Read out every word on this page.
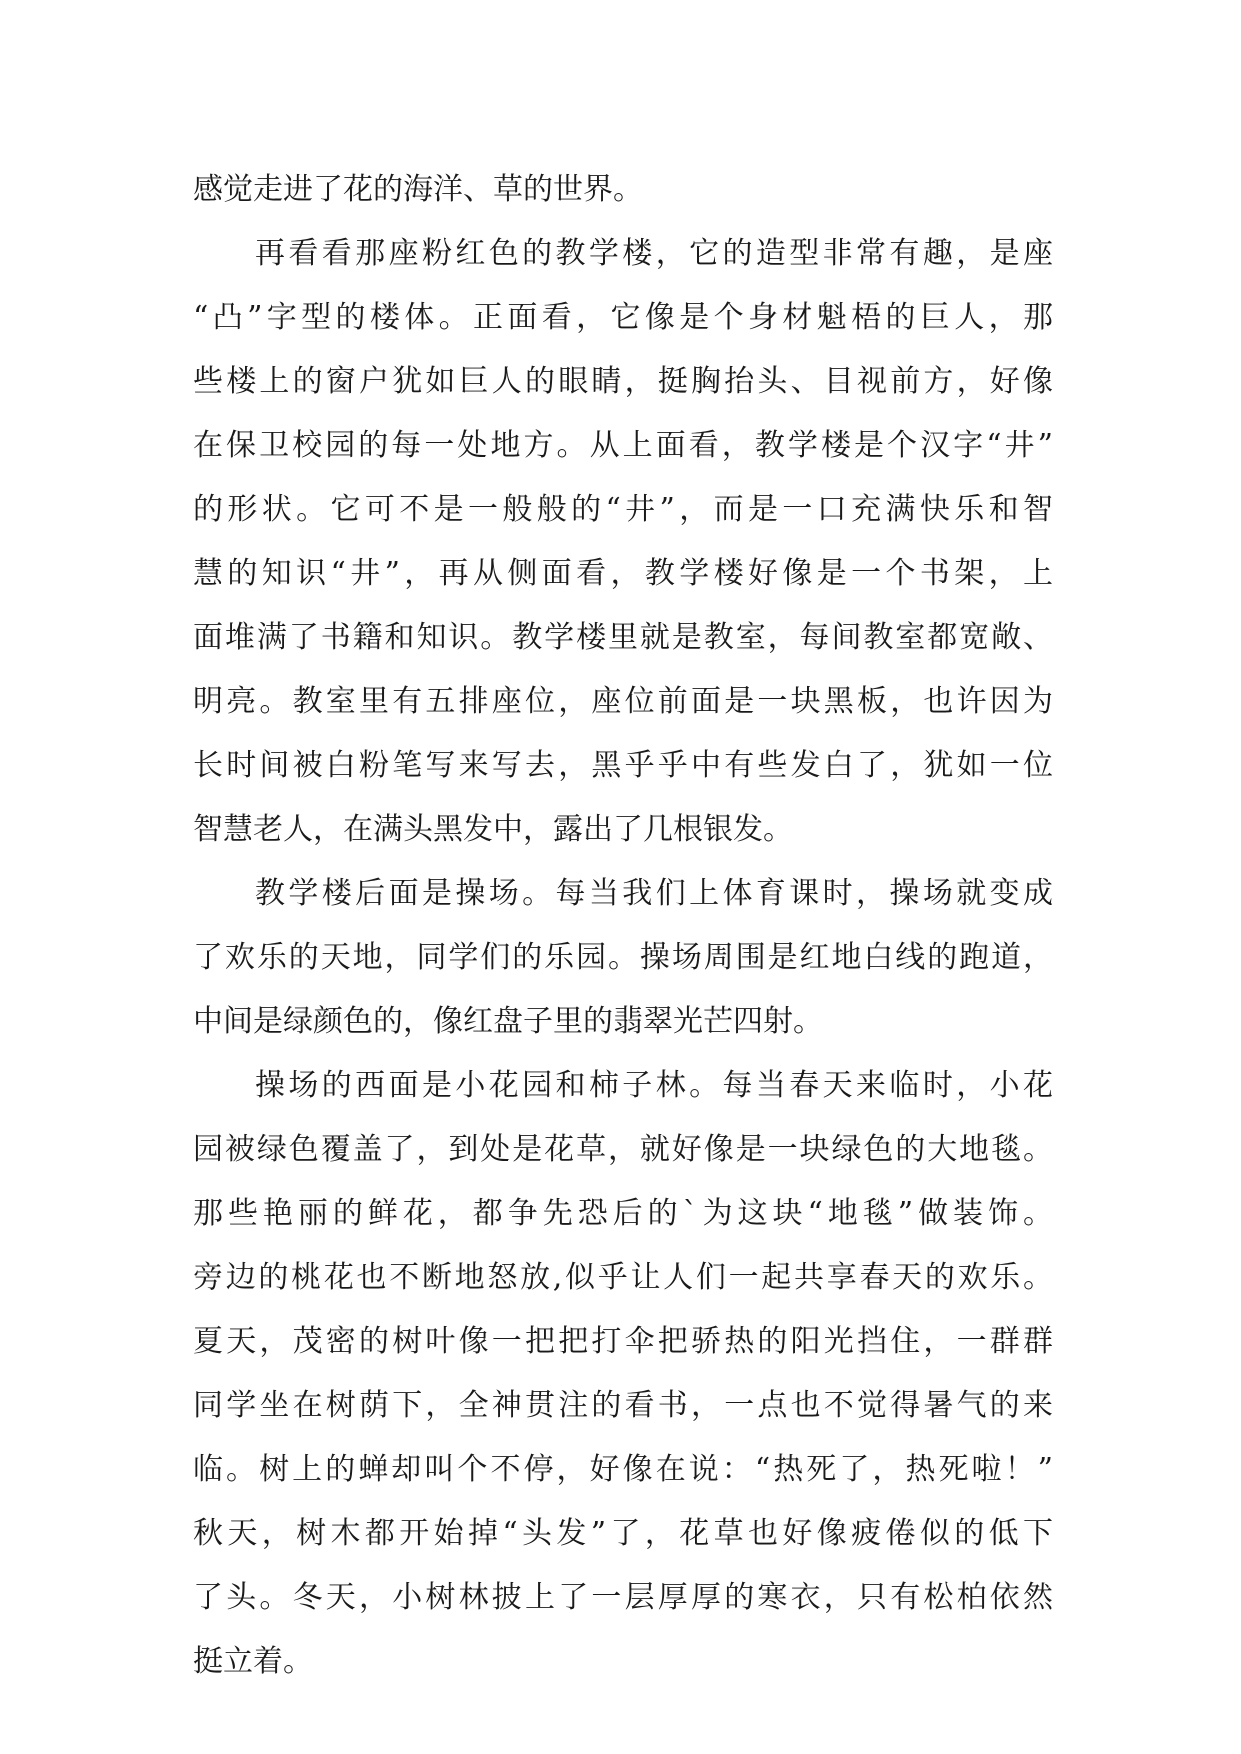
感觉走进了花的海洋、草的世界。
再看看那座粉红色的教学楼，它的造型非常有趣，是座
“凸”字型的楼体。正面看，它像是个身材魁梧的巨人，那
些楼上的窗户犹如巨人的眼睛，挺胸抬头、目视前方，好像
在保卫校园的每一处地方。从上面看，教学楼是个汉字“井”
的形状。它可不是一般般的“井”，而是一口充满快乐和智
慧的知识“井”，再从侧面看，教学楼好像是一个书架，上
面堆满了书籍和知识。教学楼里就是教室，每间教室都宽敞、
明亮。教室里有五排座位，座位前面是一块黑板，也许因为
长时间被白粉笔写来写去，黑乎乎中有些发白了，犹如一位
智慧老人，在满头黑发中，露出了几根银发。
教学楼后面是操场。每当我们上体育课时，操场就变成
了欢乐的天地，同学们的乐园。操场周围是红地白线的跑道，
中间是绿颜色的，像红盘子里的翡翠光芒四射。
操场的西面是小花园和柿子林。每当春天来临时，小花
园被绿色覆盖了，到处是花草，就好像是一块绿色的大地毯。
那些艳丽的鲜花，都争先恐后的`为这块“地毯”做装饰。
旁边的桃花也不断地怒放,似乎让人们一起共享春天的欢乐。
夏天，茂密的树叶像一把把打伞把骄热的阳光挡住，一群群
同学坐在树荫下，全神贯注的看书，一点也不觉得暑气的来
临。树上的蝉却叫个不停，好像在说：“热死了，热死啦！”
秋天，树木都开始掉“头发”了，花草也好像疲倦似的低下
了头。冬天，小树林披上了一层厚厚的寒衣，只有松柏依然
挺立着。
